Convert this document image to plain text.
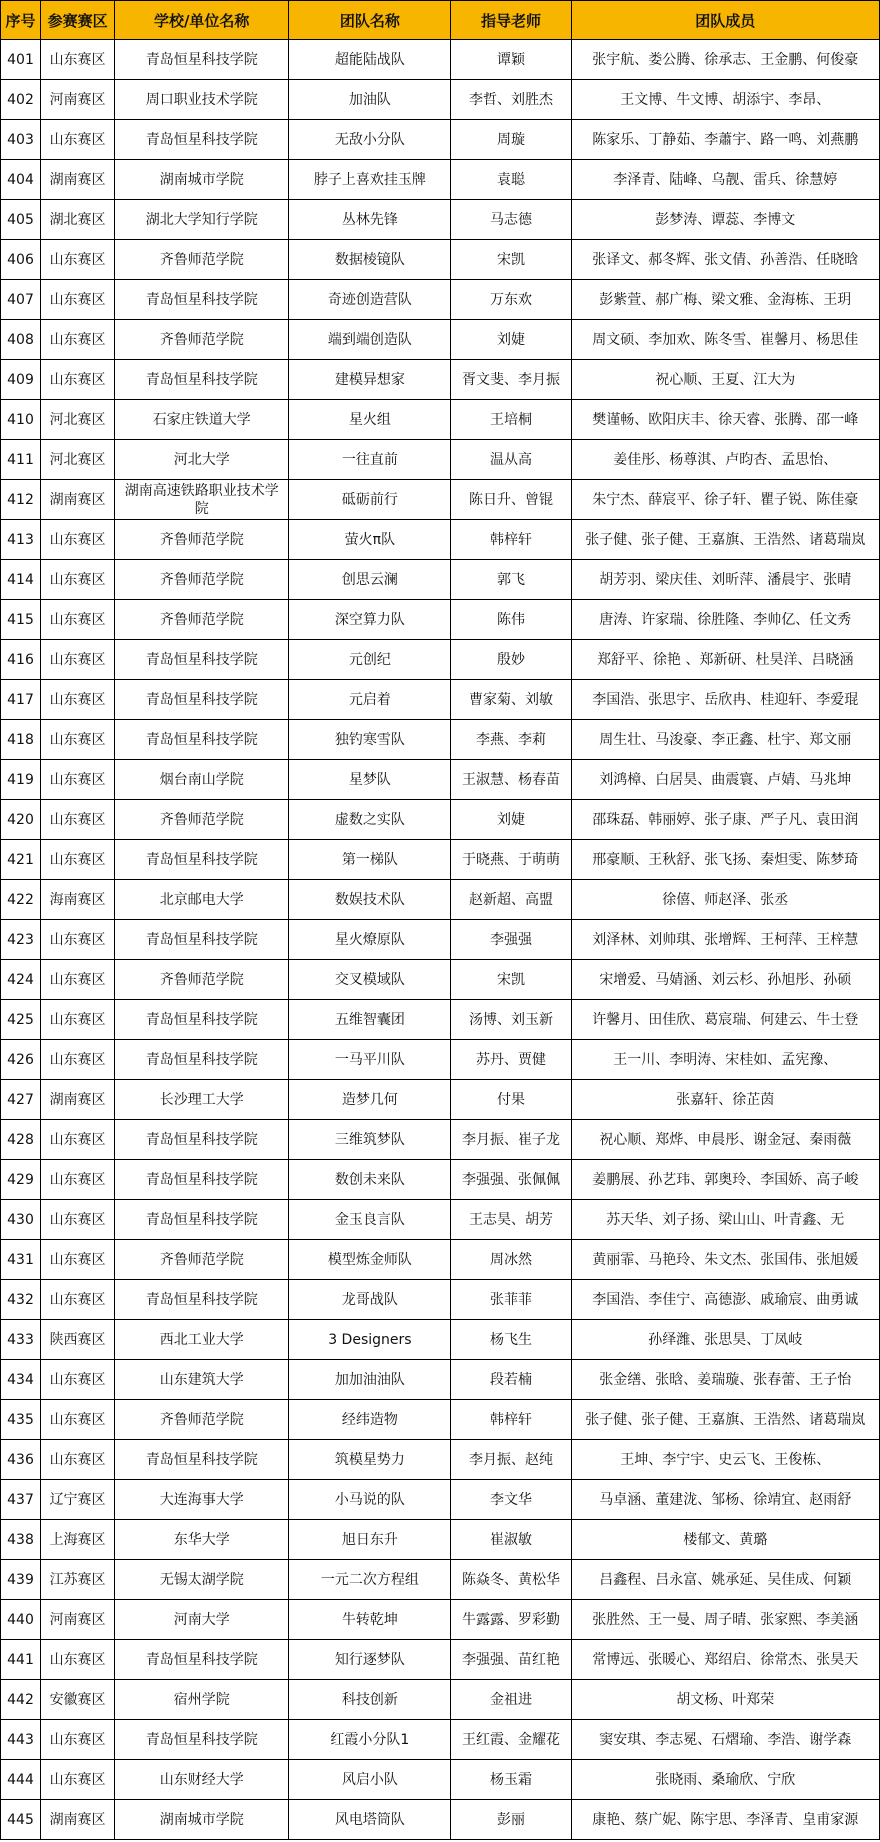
序号	参赛赛区	学校/单位名称	团队名称	指导老师	团队成员
401	山东赛区	青岛恒星科技学院	超能陆战队	谭颖	张宇航、娄公腾、徐承志、王金鹏、何俊豪
402	河南赛区	周口职业技术学院	加油队	李哲、刘胜杰	王文博、牛文博、胡添宇、李昂、
403	山东赛区	青岛恒星科技学院	无敌小分队	周璇	陈家乐、丁静茹、李蕭宇、路一鸣、刘燕鹏
404	湖南赛区	湖南城市学院	脖子上喜欢挂玉牌	袁聪	李泽青、陆峰、乌靓、雷兵、徐慧婷
405	湖北赛区	湖北大学知行学院	丛林先锋	马志德	彭梦涛、谭蕊、李博文
406	山东赛区	齐鲁师范学院	数据棱镜队	宋凯	张译文、郝冬辉、张文倩、孙善浩、任晓晗
407	山东赛区	青岛恒星科技学院	奇迹创造营队	万东欢	彭紫萱、郝广梅、梁文雅、金海栋、王玥
408	山东赛区	齐鲁师范学院	端到端创造队	刘婕	周文硕、李加欢、陈冬雪、崔馨月、杨思佳
409	山东赛区	青岛恒星科技学院	建模异想家	胥文斐、李月振	祝心顺、王夏、江大为
410	河北赛区	石家庄铁道大学	星火组	王培桐	樊谨畅、欧阳庆丰、徐天睿、张腾、邵一峰
411	河北赛区	河北大学	一往直前	温从高	姜佳彤、杨尊淇、卢昀杏、孟思怡、
412	湖南赛区	湖南高速铁路职业技术学院	砥砺前行	陈日升、曾锟	朱宁杰、薛宸平、徐子轩、瞿子锐、陈佳豪
413	山东赛区	齐鲁师范学院	萤火π队	韩梓轩	张子健、张子健、王嘉旗、王浩然、诸葛瑞岚
414	山东赛区	齐鲁师范学院	创思云澜	郭飞	胡芳羽、梁庆佳、刘昕萍、潘晨宇、张晴
415	山东赛区	齐鲁师范学院	深空算力队	陈伟	唐涛、许家瑞、徐胜隆、李帅亿、任文秀
416	山东赛区	青岛恒星科技学院	元创纪	殷妙	郑舒平、徐艳 、郑新研、杜昊洋、吕晓涵
417	山东赛区	青岛恒星科技学院	元启着	曹家菊、刘敏	李国浩、张思宇、岳欣冉、桂迎轩、李爱琨
418	山东赛区	青岛恒星科技学院	独钓寒雪队	李燕、李莉	周生壮、马浚豪、李正鑫、杜宇、郑文丽
419	山东赛区	烟台南山学院	星梦队	王淑慧、杨春苗	刘鸿樟、白居昊、曲震寰、卢婧、马兆坤
420	山东赛区	齐鲁师范学院	虚数之实队	刘婕	邵珠磊、韩丽婷、张子康、严子凡、袁田润
421	山东赛区	青岛恒星科技学院	第一梯队	于晓燕、于萌萌	邢豪顺、王秋舒、张飞扬、秦炟雯、陈梦琦
422	海南赛区	北京邮电大学	数娱技术队	赵新超、高盟	徐僖、师赵泽、张丞
423	山东赛区	青岛恒星科技学院	星火燎原队	李强强	刘泽林、刘帅琪、张增辉、王柯萍、王梓慧
424	山东赛区	齐鲁师范学院	交叉模域队	宋凯	宋增爱、马婧涵、刘云杉、孙旭彤、孙硕
425	山东赛区	青岛恒星科技学院	五维智囊团	汤博、刘玉新	许馨月、田佳欣、葛宸瑞、何建云、牛士登
426	山东赛区	青岛恒星科技学院	一马平川队	苏丹、贾健	王一川、李明涛、宋桂如、孟宪豫、
427	湖南赛区	长沙理工大学	造梦几何	付果	张嘉轩、徐芷茵
428	山东赛区	青岛恒星科技学院	三维筑梦队	李月振、崔子龙	祝心顺、郑烨、申晨彤、谢金冠、秦雨薇
429	山东赛区	青岛恒星科技学院	数创未来队	李强强、张佩佩	姜鹏展、孙艺玮、郭奥玲、李国娇、高子峻
430	山东赛区	青岛恒星科技学院	金玉良言队	王志昊、胡芳	苏天华、刘子扬、梁山山、叶青鑫、无
431	山东赛区	齐鲁师范学院	模型炼金师队	周冰然	黄丽霏、马艳玲、朱文杰、张国伟、张旭媛
432	山东赛区	青岛恒星科技学院	龙哥战队	张菲菲	李国浩、李佳宁、高德澎、戚瑜宸、曲勇诚
433	陕西赛区	西北工业大学	3 Designers	杨飞生	孙绎潍、张思昊、丁凤岐
434	山东赛区	山东建筑大学	加加油油队	段若楠	张金缮、张晗、姜瑞璇、张春蕾、王子怡
435	山东赛区	齐鲁师范学院	经纬造物	韩梓轩	张子健、张子健、王嘉旗、王浩然、诸葛瑞岚
436	山东赛区	青岛恒星科技学院	筑模星势力	李月振、赵纯	王坤、李宁宇、史云飞、王俊栋、
437	辽宁赛区	大连海事大学	小马说的队	李文华	马卓涵、董建泷、邹杨、徐靖宜、赵雨舒
438	上海赛区	东华大学	旭日东升	崔淑敏	楼郁文、黄璐
439	江苏赛区	无锡太湖学院	一元二次方程组	陈焱冬、黄松华	吕鑫程、吕永富、姚承延、吴佳成、何颖
440	河南赛区	河南大学	牛转乾坤	牛露露、罗彩勤	张胜然、王一曼、周子晴、张家熙、李美涵
441	山东赛区	青岛恒星科技学院	知行逐梦队	李强强、苗红艳	常博远、张暖心、郑绍启、徐常杰、张昊天
442	安徽赛区	宿州学院	科技创新	金祖进	胡文杨、叶郑荣
443	山东赛区	青岛恒星科技学院	红霞小分队1	王红霞、金耀花	窦安琪、李志冕、石熠瑜、李浩、谢学森
444	山东赛区	山东财经大学	风启小队	杨玉霜	张晓雨、桑瑜欣、宁欣
445	湖南赛区	湖南城市学院	风电塔筒队	彭丽	康艳、蔡广妮、陈宇思、李泽青、皇甫家源
